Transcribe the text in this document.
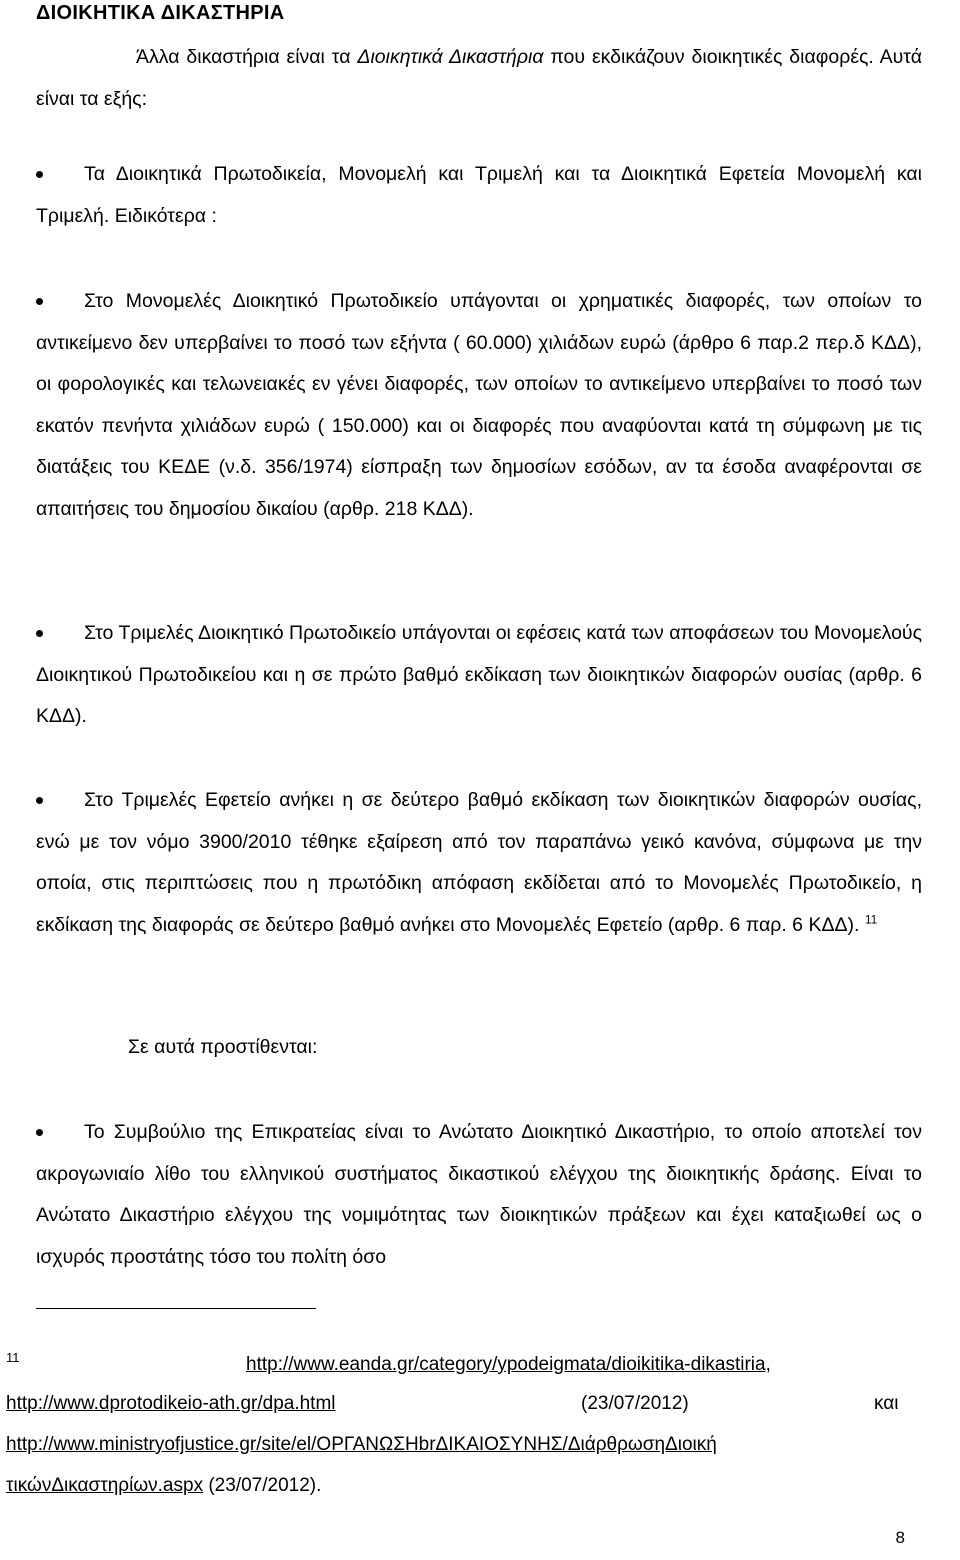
ΔΙΟΙΚΗΤΙΚΑ ΔΙΚΑΣΤΗΡΙΑ
Άλλα δικαστήρια είναι τα Διοικητικά Δικαστήρια που εκδικάζουν διοικητικές διαφορές. Αυτά είναι τα εξής:
Τα Διοικητικά Πρωτοδικεία, Μονομελή και Τριμελή και τα Διοικητικά Εφετεία Μονομελή και Τριμελή. Ειδικότερα :
Στο Μονομελές Διοικητικό Πρωτοδικείο υπάγονται οι χρηματικές διαφορές, των οποίων το αντικείμενο δεν υπερβαίνει το ποσό των εξήντα ( 60.000) χιλιάδων ευρώ (άρθρο 6 παρ.2 περ.δ ΚΔΔ), οι φορολογικές και τελωνειακές εν γένει διαφορές, των οποίων το αντικείμενο υπερβαίνει το ποσό των εκατόν πενήντα χιλιάδων ευρώ ( 150.000) και οι διαφορές που αναφύονται κατά τη σύμφωνη με τις διατάξεις του ΚΕΔΕ (ν.δ. 356/1974) είσπραξη των δημοσίων εσόδων, αν τα έσοδα αναφέρονται σε απαιτήσεις του δημοσίου δικαίου (αρθρ. 218 ΚΔΔ).
Στο Τριμελές Διοικητικό Πρωτοδικείο υπάγονται οι εφέσεις κατά των αποφάσεων του Μονομελούς Διοικητικού Πρωτοδικείου και η σε πρώτο βαθμό εκδίκαση των διοικητικών διαφορών ουσίας (αρθρ. 6 ΚΔΔ).
Στο Τριμελές Εφετείο ανήκει η σε δεύτερο βαθμό εκδίκαση των διοικητικών διαφορών ουσίας, ενώ με τον νόμο 3900/2010 τέθηκε εξαίρεση από τον παραπάνω γεικό κανόνα, σύμφωνα με την οποία, στις περιπτώσεις που η πρωτόδικη απόφαση εκδίδεται από το Μονομελές Πρωτοδικείο, η εκδίκαση της διαφοράς σε δεύτερο βαθμό ανήκει στο Μονομελές Εφετείο (αρθρ. 6 παρ. 6 ΚΔΔ). $^{11}$
Σε αυτά προστίθενται:
Το Συμβούλιο της Επικρατείας είναι το Ανώτατο Διοικητικό Δικαστήριο, το οποίο αποτελεί τον ακρογωνιαίο λίθο του ελληνικού συστήματος δικαστικού ελέγχου της διοικητικής δράσης. Είναι το Ανώτατο Δικαστήριο ελέγχου της νομιμότητας των διοικητικών πράξεων και έχει καταξιωθεί ως ο ισχυρός προστάτης τόσο του πολίτη όσο
11	http://www.eanda.gr/category/ypodeigmata/dioikitika-dikastiria,
http://www.dprotodikeio-ath.gr/dpa.html	(23/07/2012)	και
http://www.ministryofjustice.gr/site/el/ΟΡΓΑΝΩΣΗbrΔΙΚΑΙΟΣΥΝΗΣ/ΔιάρθρωσηΔιοική
τικώνΔικαστηρίων.aspx (23/07/2012).
8
